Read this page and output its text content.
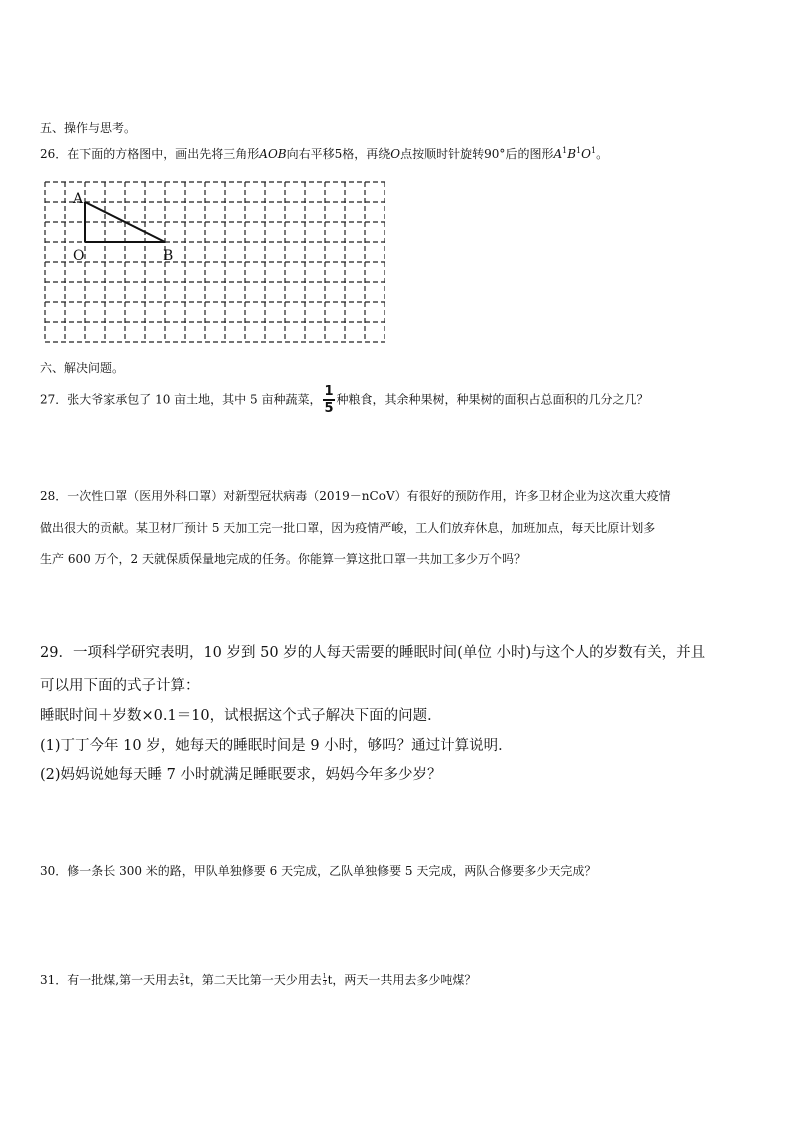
五、操作与思考。
26．在下面的方格图中，画出先将三角形AOB向右平移5格，再绕O点按顺时针旋转90°后的图形$A^1B^1O^1$。
A
O	B
六、解决问题。
27．张大爷家承包了 10 亩土地，其中 5 亩种蔬菜， $\frac{1}{5}$ 种粮食，其余种果树，种果树的面积占总面积的几分之几？
28．一次性口罩（医用外科口罩）对新型冠状病毒（2019－nCoV）有很好的预防作用，许多卫材企业为这次重大疫情
做出很大的贡献。某卫材厂预计 5 天加工完一批口罩，因为疫情严峻，工人们放弃休息，加班加点，每天比原计划多
生产 600 万个，2 天就保质保量地完成的任务。你能算一算这批口罩一共加工多少万个吗？
29．一项科学研究表明，10 岁到 50 岁的人每天需要的睡眠时间(单位 小时)与这个人的岁数有关，并且
可以用下面的式子计算：
睡眠时间＋岁数×0.1＝10，试根据这个式子解决下面的问题．
(1)丁丁今年 10 岁，她每天的睡眠时间是 9 小时，够吗？通过计算说明．
(2)妈妈说她每天睡 7 小时就满足睡眠要求，妈妈今年多少岁？
30．修一条长 300 米的路，甲队单独修要 6 天完成，乙队单独修要 5 天完成，两队合修要多少天完成？
31．有一批煤,第一天用去 $\frac{2}{5}$ t，第二天比第一天少用去 $\frac{1}{3}$ t，两天一共用去多少吨煤？
